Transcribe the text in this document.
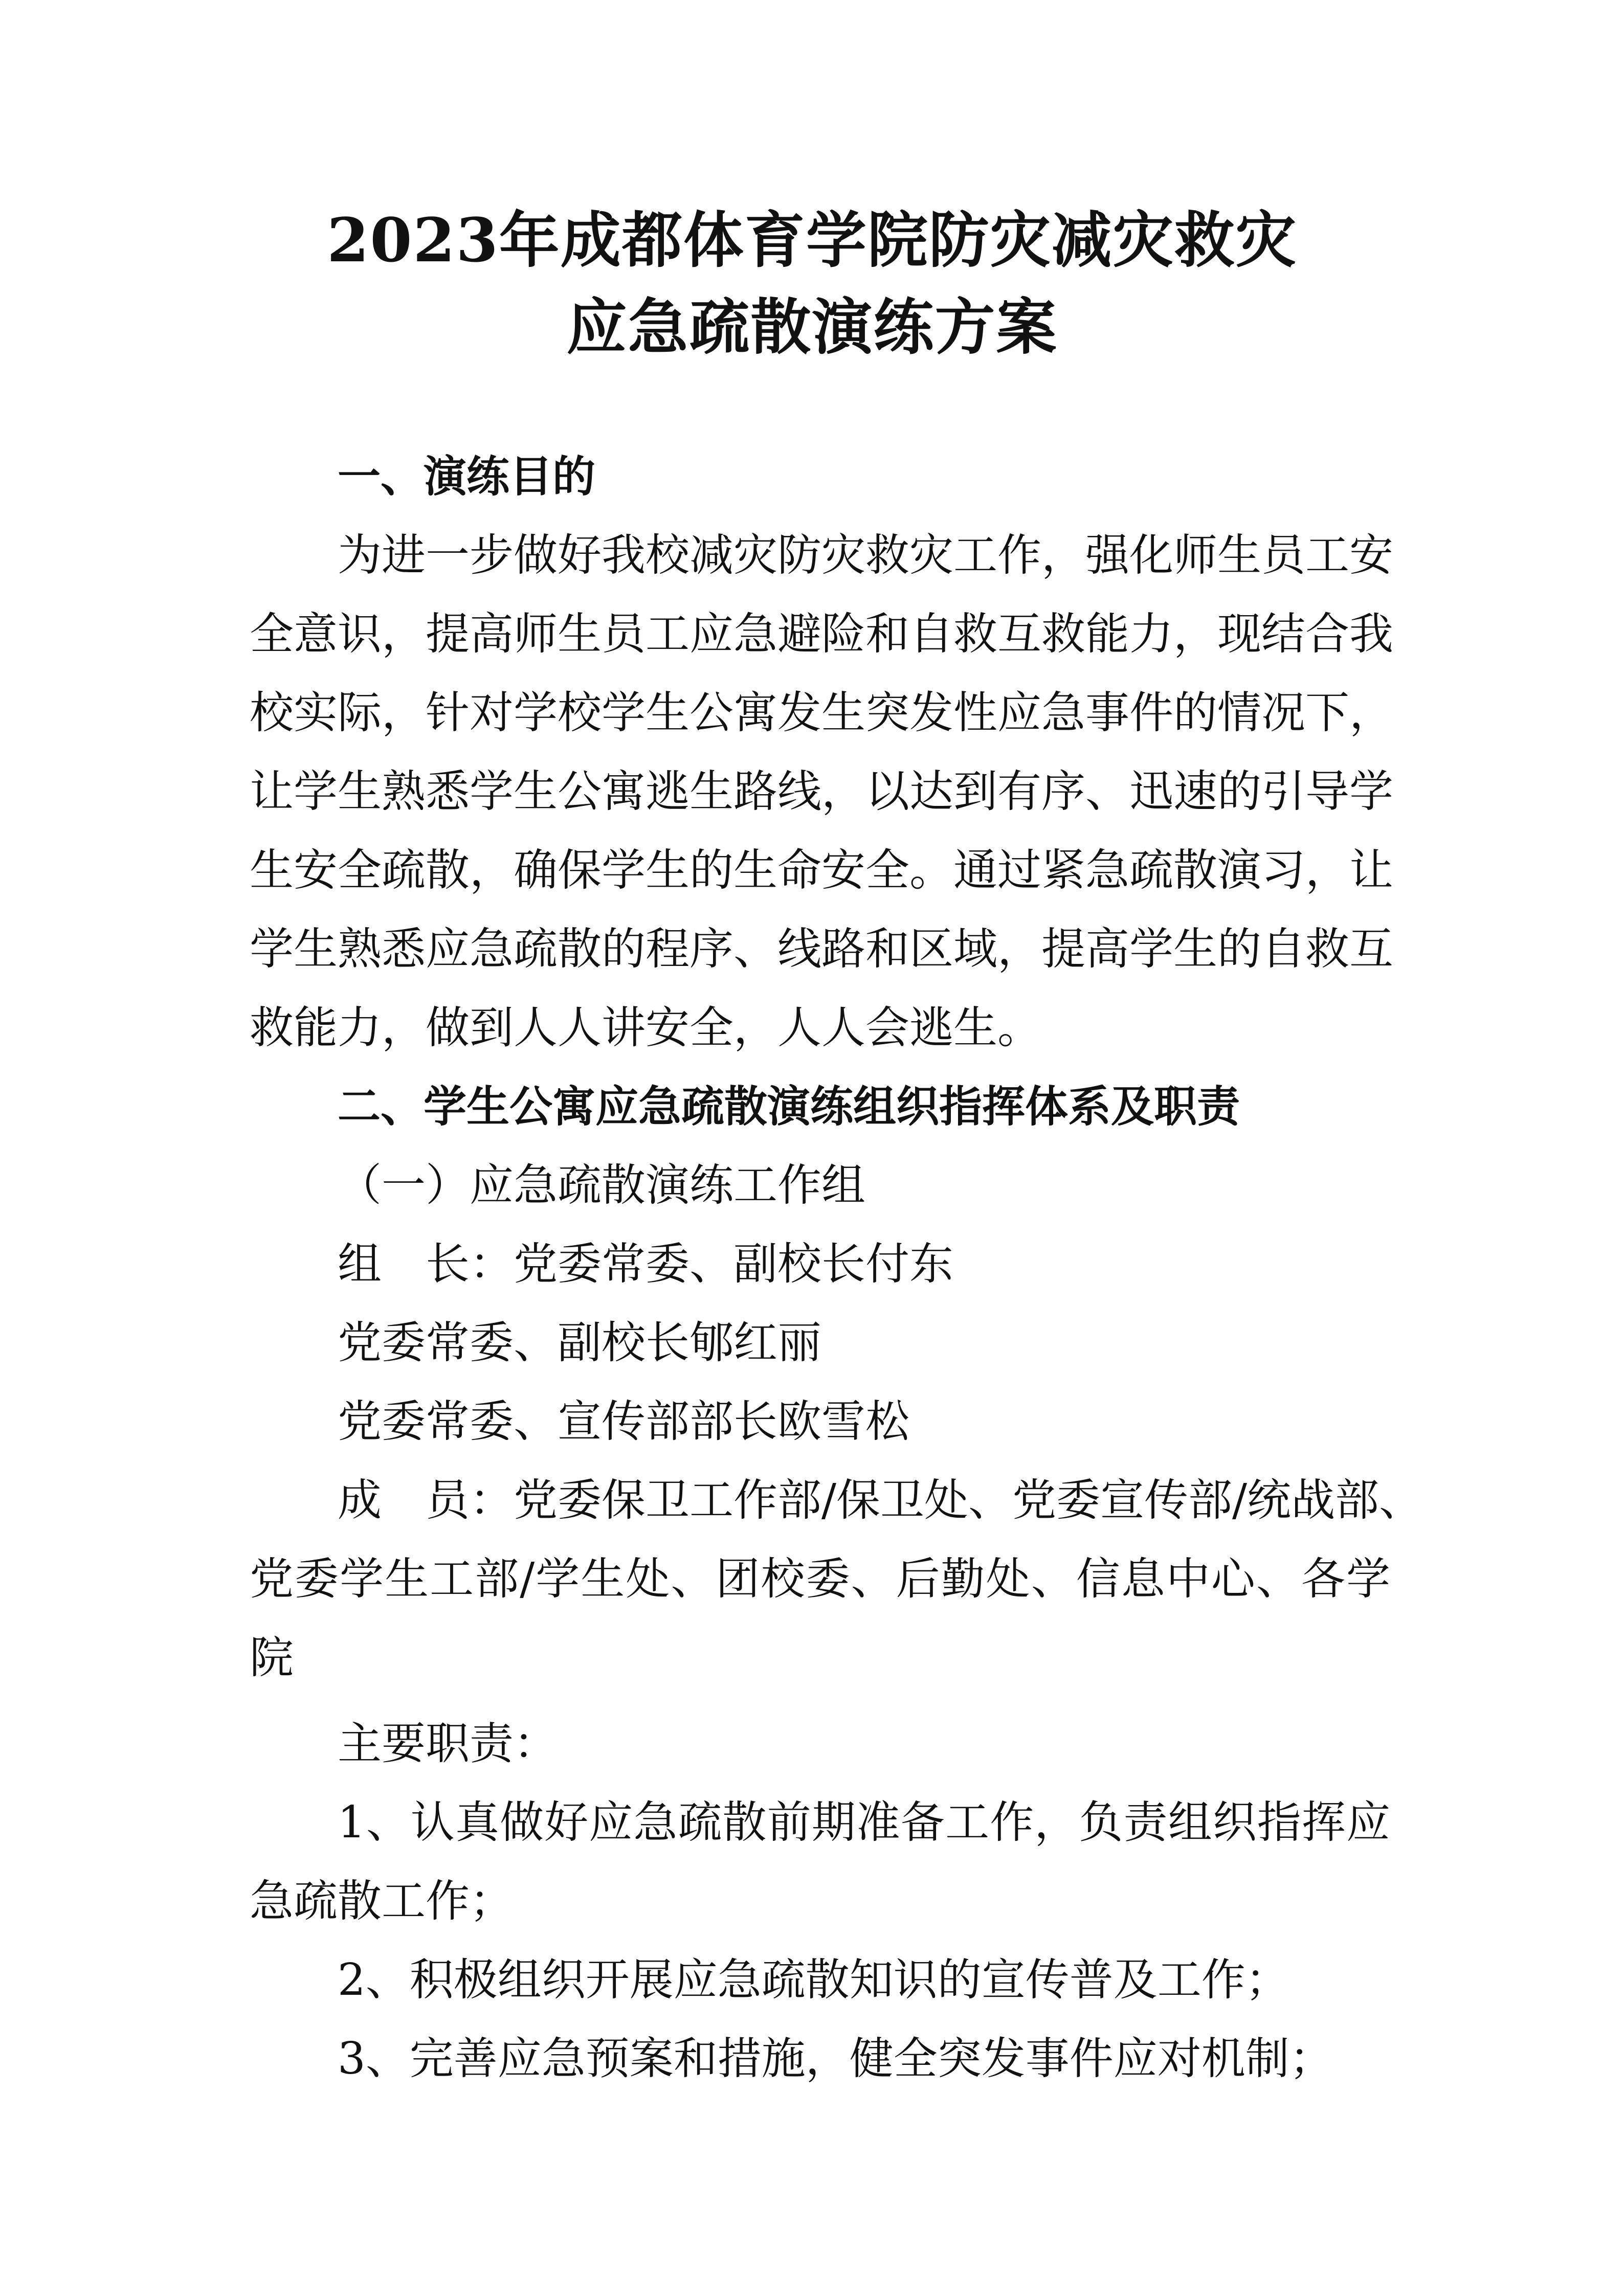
2023年成都体育学院防灾减灾救灾
应急疏散演练方案
一、演练目的
为进一步做好我校减灾防灾救灾工作，强化师生员工安
全意识，提高师生员工应急避险和自救互救能力，现结合我
校实际，针对学校学生公寓发生突发性应急事件的情况下，
让学生熟悉学生公寓逃生路线，以达到有序、迅速的引导学
生安全疏散，确保学生的生命安全。通过紧急疏散演习，让
学生熟悉应急疏散的程序、线路和区域，提高学生的自救互
救能力，做到人人讲安全，人人会逃生。
二、学生公寓应急疏散演练组织指挥体系及职责
（一）应急疏散演练工作组
组　长：党委常委、副校长付东
党委常委、副校长郇红丽
党委常委、宣传部部长欧雪松
成　员：党委保卫工作部/保卫处、党委宣传部/统战部、
党委学生工部/学生处、团校委、后勤处、信息中心、各学
院
主要职责：
1、认真做好应急疏散前期准备工作，负责组织指挥应
急疏散工作；
2、积极组织开展应急疏散知识的宣传普及工作；
3、完善应急预案和措施，健全突发事件应对机制；
